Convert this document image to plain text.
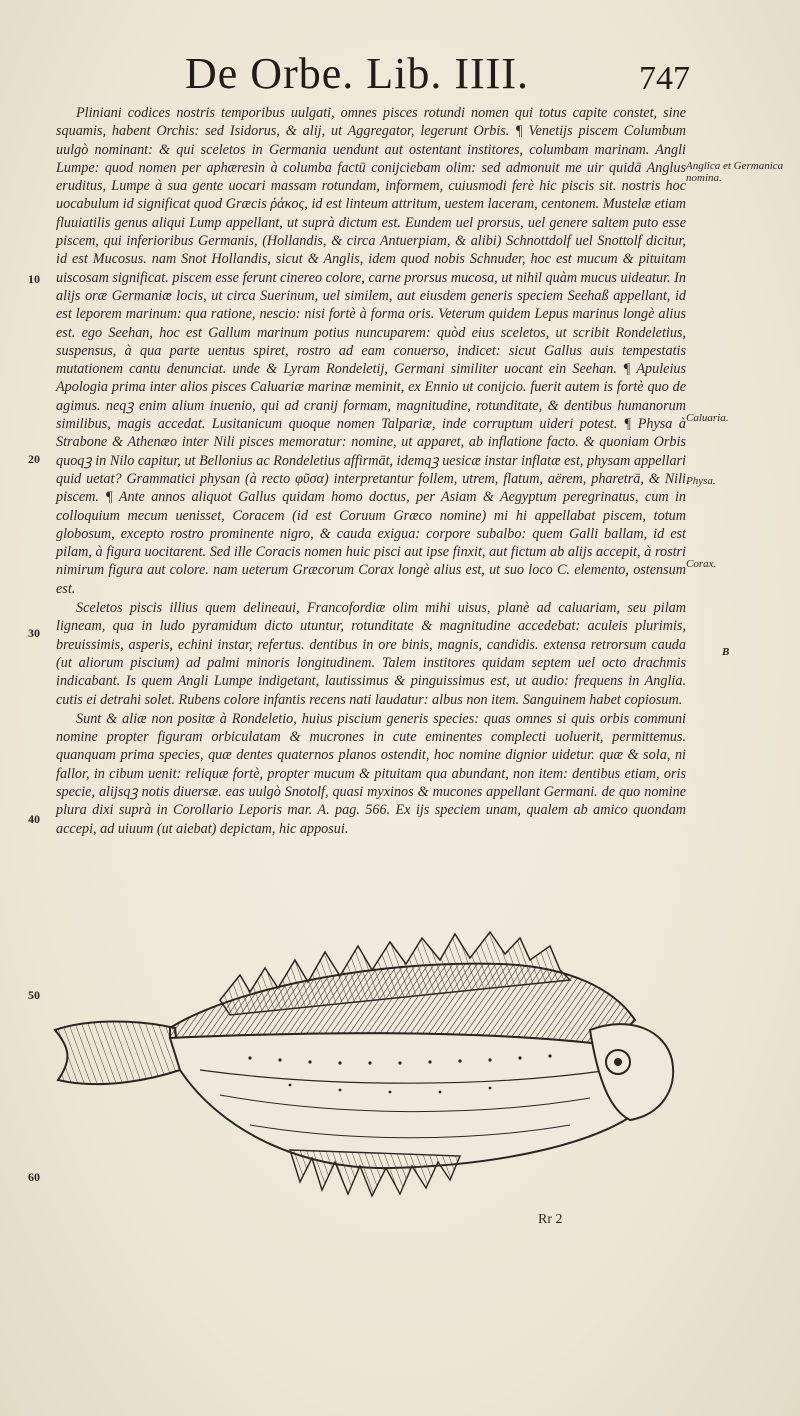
De Orbe. Lib. IIII.	747

Pliniani codices nostris temporibus uulgati, omnes pisces rotundi nomen qui totus capite constet, sine squamis, habent Orchis: sed Isidorus, & alij, ut Aggregator, legerunt Orbis. ¶ Venetijs piscem Columbum uulgò nominant: & qui sceletos in Germania uendunt aut ostentant institores, columbam marinam. Angli Lumpe: quod nomen per aphæresin à columba factū conijciebam olim: sed admonuit me uir quidā Anglus eruditus, Lumpe à sua gente uocari massam rotundam, informem, cuiusmodi ferè hic piscis sit. nostris hoc uocabulum id significat quod Græcis ῥάκος, id est linteum attritum, uestem laceram, centonem. Mustelæ etiam fluuiatilis genus aliqui Lump appellant, ut suprà dictum est. Eundem uel prorsus, uel genere saltem puto esse piscem, qui inferioribus Germanis, (Hollandis, & circa Antuerpiam, & alibi) Schnottdolf uel Snottolf dicitur, id est Mucosus. nam Snot Hollandis, sicut & Anglis, idem quod nobis Schnuder, hoc est mucum & pituitam uiscosam significat. piscem esse ferunt cinereo colore, carne prorsus mucosa, ut nihil quàm mucus uideatur. In alijs oræ Germaniæ locis, ut circa Suerinum, uel similem, aut eiusdem generis speciem Seehaß appellant, id est leporem marinum: qua ratione, nescio: nisi fortè à forma oris. Veterum quidem Lepus marinus longè alius est. ego Seehan, hoc est Gallum marinum potius nuncuparem: quòd eius sceletos, ut scribit Rondeletius, suspensus, à qua parte uentus spiret, rostro ad eam conuerso, indicet: sicut Gallus auis tempestatis mutationem cantu denunciat. unde & Lyram Rondeletij, Germani similiter uocant ein Seehan. ¶ Apuleius Apologia prima inter alios pisces Caluariæ marinæ meminit, ex Ennio ut conijcio. fuerit autem is fortè quo de agimus. neqꝫ enim alium inuenio, qui ad cranij formam, magnitudine, rotunditate, & dentibus humanorum similibus, magis accedat. Lusitanicum quoque nomen Talpariæ, inde corruptum uideri potest. ¶ Physa à Strabone & Athenæo inter Nili pisces memoratur: nomine, ut apparet, ab inflatione facto. & quoniam Orbis quoqꝫ in Nilo capitur, ut Bellonius ac Rondeletius affirmāt, idemqꝫ uesicæ instar inflatæ est, physam appellari quid uetat? Grammatici physan (à recto φῦσα) interpretantur follem, utrem, flatum, aërem, pharetrā, & Nili piscem. ¶ Ante annos aliquot Gallus quidam homo doctus, per Asiam & Aegyptum peregrinatus, cum in colloquium mecum uenisset, Coracem (id est Coruum Græco nomine) mi hi appellabat piscem, totum globosum, excepto rostro prominente nigro, & cauda exigua: corpore subalbo: quem Galli ballam, id est pilam, à figura uocitarent. Sed ille Coracis nomen huic pisci aut ipse finxit, aut fictum ab alijs accepit, à rostri nimirum figura aut colore. nam ueterum Græcorum Corax longè alius est, ut suo loco C. elemento, ostensum est.

Sceletos piscis illius quem delineaui, Francofordiæ olim mihi uisus, planè ad caluariam, seu pilam ligneam, qua in ludo pyramidum dicto utuntur, rotunditate & magnitudine accedebat: aculeis plurimis, breuissimis, asperis, echini instar, refertus. dentibus in ore binis, magnis, candidis. extensa retrorsum cauda (ut aliorum piscium) ad palmi minoris longitudinem. Talem institores quidam septem uel octo drachmis indicabant. Is quem Angli Lumpe indigetant, lautissimus & pinguissimus est, ut audio: frequens in Anglia. cutis ei detrahi solet. Rubens colore infantis recens nati laudatur: albus non item. Sanguinem habet copiosum.

Sunt & aliæ non positæ à Rondeletio, huius piscium generis species: quas omnes si quis orbis communi nomine propter figuram orbiculatam & mucrones in cute eminentes complecti uoluerit, permittemus. quanquam prima species, quæ dentes quaternos planos ostendit, hoc nomine dignior uidetur. quæ & sola, ni fallor, in cibum uenit: reliquæ fortè, propter mucum & pituitam qua abundant, non item: dentibus etiam, oris specie, alijsqꝫ notis diuersæ. eas uulgò Snotolf, quasi myxinos & mucones appellant Germani. de quo nomine plura dixi suprà in Corollario Leporis mar. A. pag. 566. Ex ijs speciem unam, qualem ab amico quondam accepi, ad uiuum (ut aiebat) depictam, hic apposui.

Anglica et Germanica nomina.
Caluaria.
Physa.
Corax.
B
10
20
30
40
50
60
Rr 2
